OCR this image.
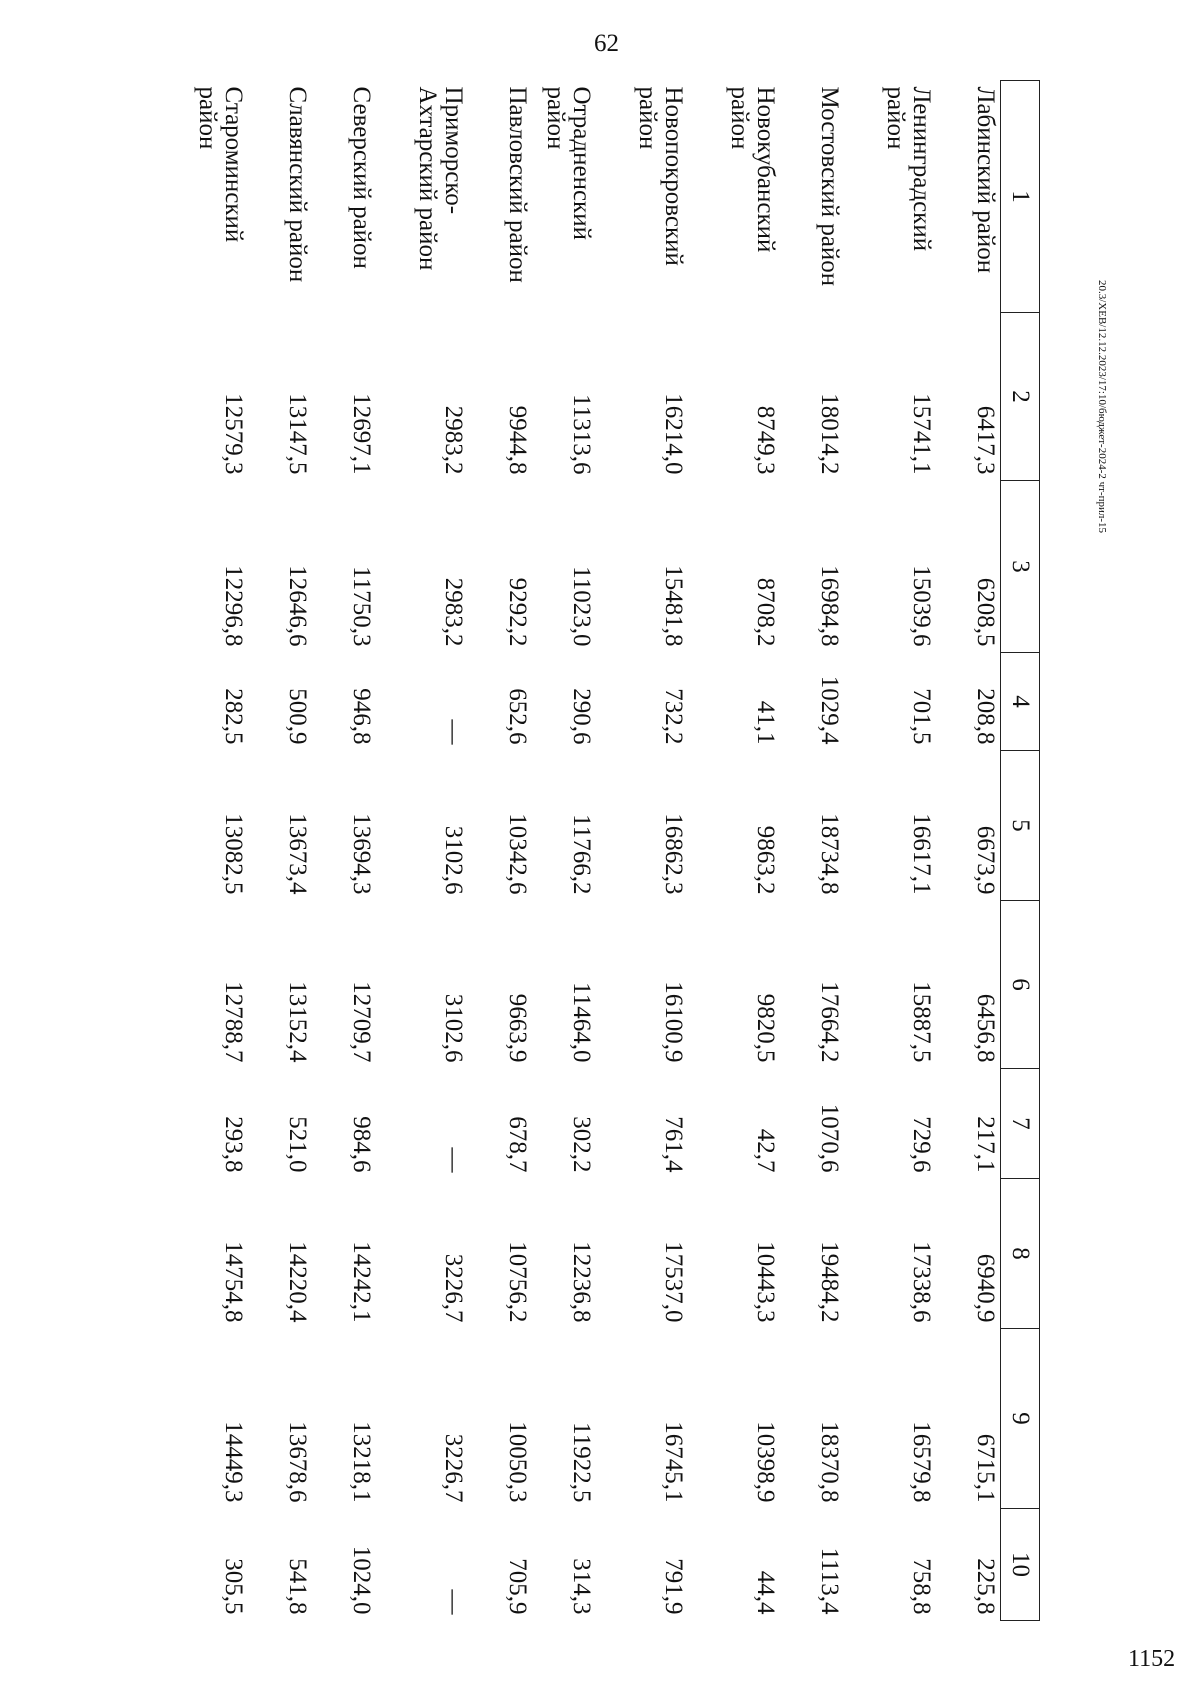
62
20.3/XEB/12.12.2023/17:10/бюджет-2024-2 чт-прил-15
1	2	3	4	5	6	7	8	9	10
Лабинский район	6417,3	6208,5	208,8	6673,9	6456,8	217,1	6940,9	6715,1	225,8
Ленинградский район	15741,1	15039,6	701,5	16617,1	15887,5	729,6	17338,6	16579,8	758,8
Мостовский район	18014,2	16984,8	1029,4	18734,8	17664,2	1070,6	19484,2	18370,8	1113,4
Новокубанский район	8749,3	8708,2	41,1	9863,2	9820,5	42,7	10443,3	10398,9	44,4
Новопокровский район	16214,0	15481,8	732,2	16862,3	16100,9	761,4	17537,0	16745,1	791,9
Отрадненский район	11313,6	11023,0	290,6	11766,2	11464,0	302,2	12236,8	11922,5	314,3
Павловский район	9944,8	9292,2	652,6	10342,6	9663,9	678,7	10756,2	10050,3	705,9
Приморско-Ахтарский район	2983,2	2983,2	—	3102,6	3102,6	—	3226,7	3226,7	—
Северский район	12697,1	11750,3	946,8	13694,3	12709,7	984,6	14242,1	13218,1	1024,0
Славянский район	13147,5	12646,6	500,9	13673,4	13152,4	521,0	14220,4	13678,6	541,8
Староминский район	12579,3	12296,8	282,5	13082,5	12788,7	293,8	14754,8	14449,3	305,5
1152
